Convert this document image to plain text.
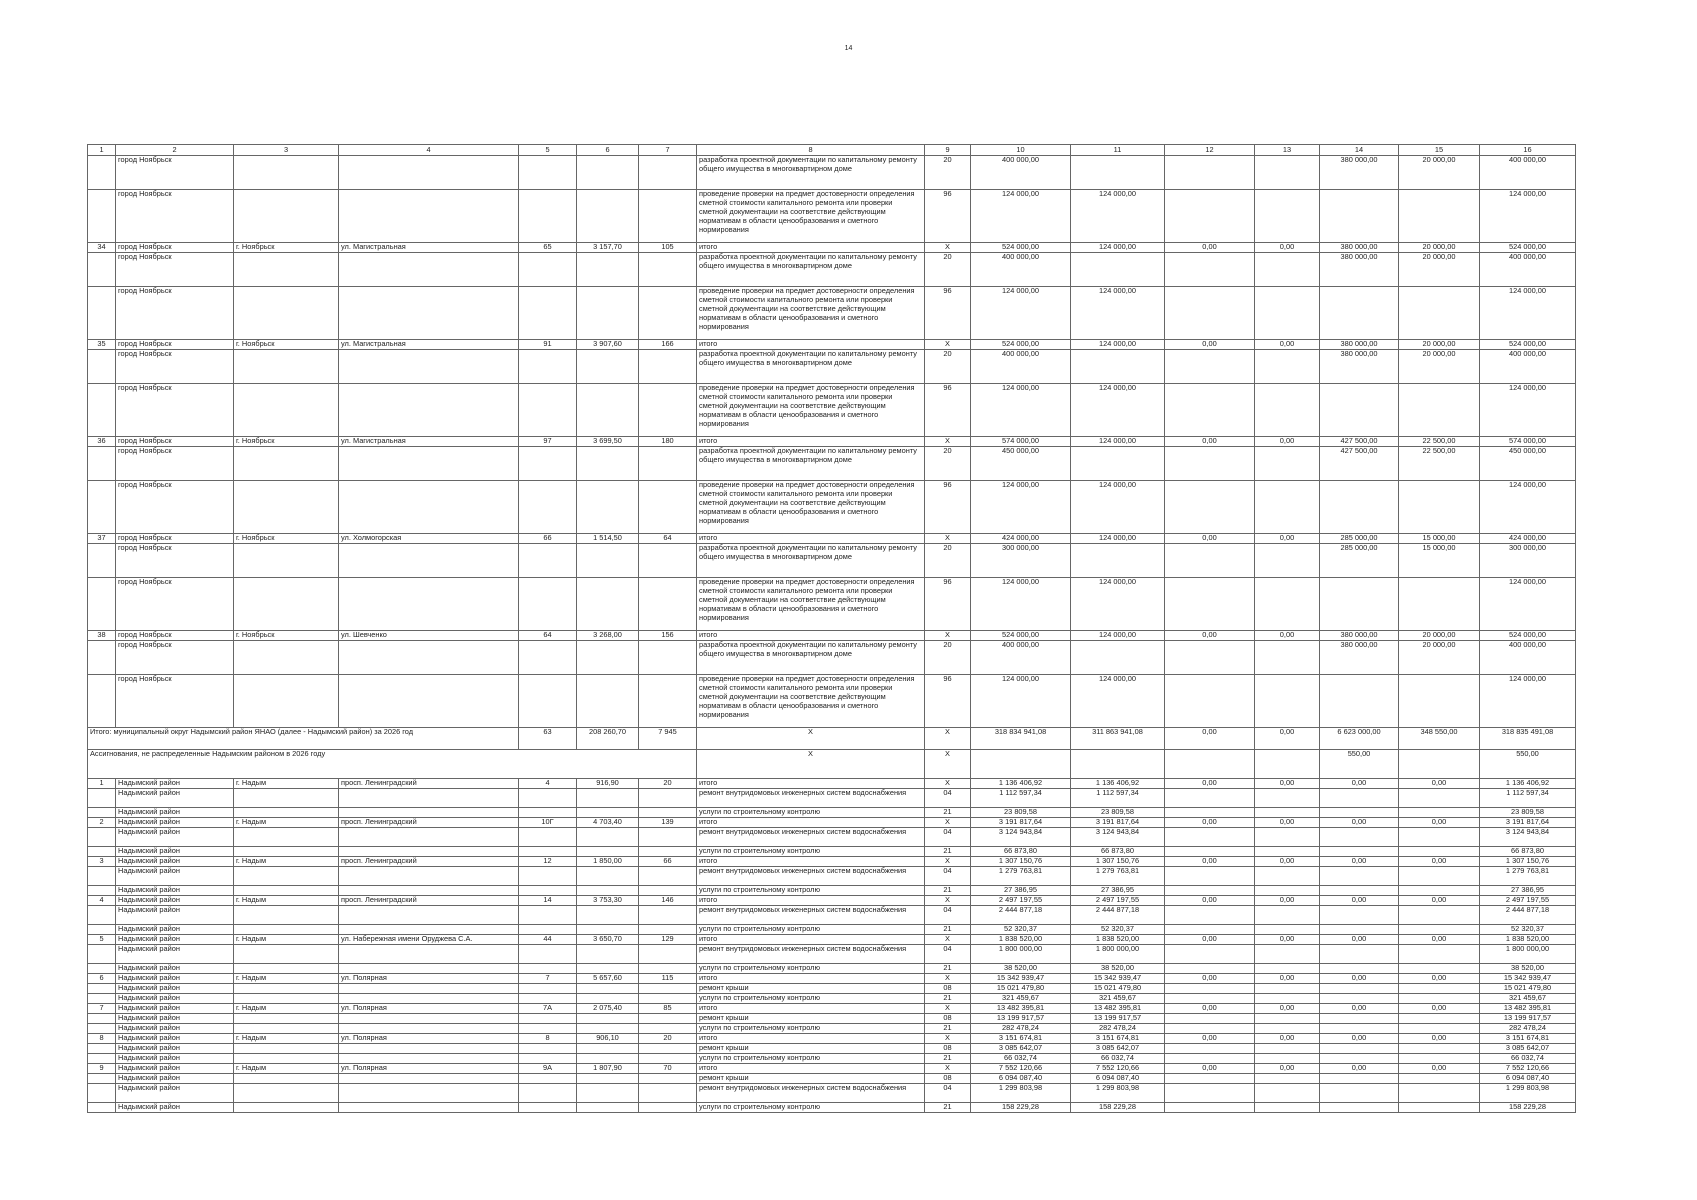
14
1	2	3	4	5	6	7	8	9	10	11	12	13	14	15	16
	город Ноябрьск						разработка проектной документации по капитальному ремонту общего имущества в многоквартирном доме	20	400 000,00				380 000,00	20 000,00	400 000,00
	город Ноябрьск						проведение проверки на предмет достоверности определения сметной стоимости капитального ремонта или проверки сметной документации на соответствие действующим нормативам в области ценообразования и сметного нормирования	96	124 000,00	124 000,00					124 000,00
34	город Ноябрьск	г. Ноябрьск	ул. Магистральная	65	3 157,70	105	итого	X	524 000,00	124 000,00	0,00	0,00	380 000,00	20 000,00	524 000,00
	город Ноябрьск						разработка проектной документации по капитальному ремонту общего имущества в многоквартирном доме	20	400 000,00				380 000,00	20 000,00	400 000,00
	город Ноябрьск						проведение проверки на предмет достоверности определения сметной стоимости капитального ремонта или проверки сметной документации на соответствие действующим нормативам в области ценообразования и сметного нормирования	96	124 000,00	124 000,00					124 000,00
35	город Ноябрьск	г. Ноябрьск	ул. Магистральная	91	3 907,60	166	итого	X	524 000,00	124 000,00	0,00	0,00	380 000,00	20 000,00	524 000,00
	город Ноябрьск						разработка проектной документации по капитальному ремонту общего имущества в многоквартирном доме	20	400 000,00				380 000,00	20 000,00	400 000,00
	город Ноябрьск						проведение проверки на предмет достоверности определения сметной стоимости капитального ремонта или проверки сметной документации на соответствие действующим нормативам в области ценообразования и сметного нормирования	96	124 000,00	124 000,00					124 000,00
36	город Ноябрьск	г. Ноябрьск	ул. Магистральная	97	3 699,50	180	итого	X	574 000,00	124 000,00	0,00	0,00	427 500,00	22 500,00	574 000,00
	город Ноябрьск						разработка проектной документации по капитальному ремонту общего имущества в многоквартирном доме	20	450 000,00				427 500,00	22 500,00	450 000,00
	город Ноябрьск						проведение проверки на предмет достоверности определения сметной стоимости капитального ремонта или проверки сметной документации на соответствие действующим нормативам в области ценообразования и сметного нормирования	96	124 000,00	124 000,00					124 000,00
37	город Ноябрьск	г. Ноябрьск	ул. Холмогорская	66	1 514,50	64	итого	X	424 000,00	124 000,00	0,00	0,00	285 000,00	15 000,00	424 000,00
	город Ноябрьск						разработка проектной документации по капитальному ремонту общего имущества в многоквартирном доме	20	300 000,00				285 000,00	15 000,00	300 000,00
	город Ноябрьск						проведение проверки на предмет достоверности определения сметной стоимости капитального ремонта или проверки сметной документации на соответствие действующим нормативам в области ценообразования и сметного нормирования	96	124 000,00	124 000,00					124 000,00
38	город Ноябрьск	г. Ноябрьск	ул. Шевченко	64	3 268,00	156	итого	X	524 000,00	124 000,00	0,00	0,00	380 000,00	20 000,00	524 000,00
	город Ноябрьск						разработка проектной документации по капитальному ремонту общего имущества в многоквартирном доме	20	400 000,00				380 000,00	20 000,00	400 000,00
	город Ноябрьск						проведение проверки на предмет достоверности определения сметной стоимости капитального ремонта или проверки сметной документации на соответствие действующим нормативам в области ценообразования и сметного нормирования	96	124 000,00	124 000,00					124 000,00
Итого: муниципальный округ Надымский район ЯНАО (далее - Надымский район) за 2026 год				63	208 260,70	7 945	X	X	318 834 941,08	311 863 941,08	0,00	0,00	6 623 000,00	348 550,00	318 835 491,08
Ассигнования, не распределенные Надымским районом в 2026 году							X	X					550,00		550,00
1	Надымский район	г. Надым	просп. Ленинградский	4	916,90	20	итого	X	1 136 406,92	1 136 406,92	0,00	0,00	0,00	0,00	1 136 406,92
	Надымский район						ремонт внутридомовых инженерных систем водоснабжения	04	1 112 597,34	1 112 597,34					1 112 597,34
	Надымский район						услуги по строительному контролю	21	23 809,58	23 809,58					23 809,58
2	Надымский район	г. Надым	просп. Ленинградский	10Г	4 703,40	139	итого	X	3 191 817,64	3 191 817,64	0,00	0,00	0,00	0,00	3 191 817,64
	Надымский район						ремонт внутридомовых инженерных систем водоснабжения	04	3 124 943,84	3 124 943,84					3 124 943,84
	Надымский район						услуги по строительному контролю	21	66 873,80	66 873,80					66 873,80
3	Надымский район	г. Надым	просп. Ленинградский	12	1 850,00	66	итого	X	1 307 150,76	1 307 150,76	0,00	0,00	0,00	0,00	1 307 150,76
	Надымский район						ремонт внутридомовых инженерных систем водоснабжения	04	1 279 763,81	1 279 763,81					1 279 763,81
	Надымский район						услуги по строительному контролю	21	27 386,95	27 386,95					27 386,95
4	Надымский район	г. Надым	просп. Ленинградский	14	3 753,30	146	итого	X	2 497 197,55	2 497 197,55	0,00	0,00	0,00	0,00	2 497 197,55
	Надымский район						ремонт внутридомовых инженерных систем водоснабжения	04	2 444 877,18	2 444 877,18					2 444 877,18
	Надымский район						услуги по строительному контролю	21	52 320,37	52 320,37					52 320,37
5	Надымский район	г. Надым	ул. Набережная имени Оруджева С.А.	44	3 650,70	129	итого	X	1 838 520,00	1 838 520,00	0,00	0,00	0,00	0,00	1 838 520,00
	Надымский район						ремонт внутридомовых инженерных систем водоснабжения	04	1 800 000,00	1 800 000,00					1 800 000,00
	Надымский район						услуги по строительному контролю	21	38 520,00	38 520,00					38 520,00
6	Надымский район	г. Надым	ул. Полярная	7	5 657,60	115	итого	X	15 342 939,47	15 342 939,47	0,00	0,00	0,00	0,00	15 342 939,47
	Надымский район						ремонт крыши	08	15 021 479,80	15 021 479,80					15 021 479,80
	Надымский район						услуги по строительному контролю	21	321 459,67	321 459,67					321 459,67
7	Надымский район	г. Надым	ул. Полярная	7А	2 075,40	85	итого	X	13 482 395,81	13 482 395,81	0,00	0,00	0,00	0,00	13 482 395,81
	Надымский район						ремонт крыши	08	13 199 917,57	13 199 917,57					13 199 917,57
	Надымский район						услуги по строительному контролю	21	282 478,24	282 478,24					282 478,24
8	Надымский район	г. Надым	ул. Полярная	8	906,10	20	итого	X	3 151 674,81	3 151 674,81	0,00	0,00	0,00	0,00	3 151 674,81
	Надымский район						ремонт крыши	08	3 085 642,07	3 085 642,07					3 085 642,07
	Надымский район						услуги по строительному контролю	21	66 032,74	66 032,74					66 032,74
9	Надымский район	г. Надым	ул. Полярная	9А	1 807,90	70	итого	X	7 552 120,66	7 552 120,66	0,00	0,00	0,00	0,00	7 552 120,66
	Надымский район						ремонт крыши	08	6 094 087,40	6 094 087,40					6 094 087,40
	Надымский район						ремонт внутридомовых инженерных систем водоснабжения	04	1 299 803,98	1 299 803,98					1 299 803,98
	Надымский район						услуги по строительному контролю	21	158 229,28	158 229,28					158 229,28
